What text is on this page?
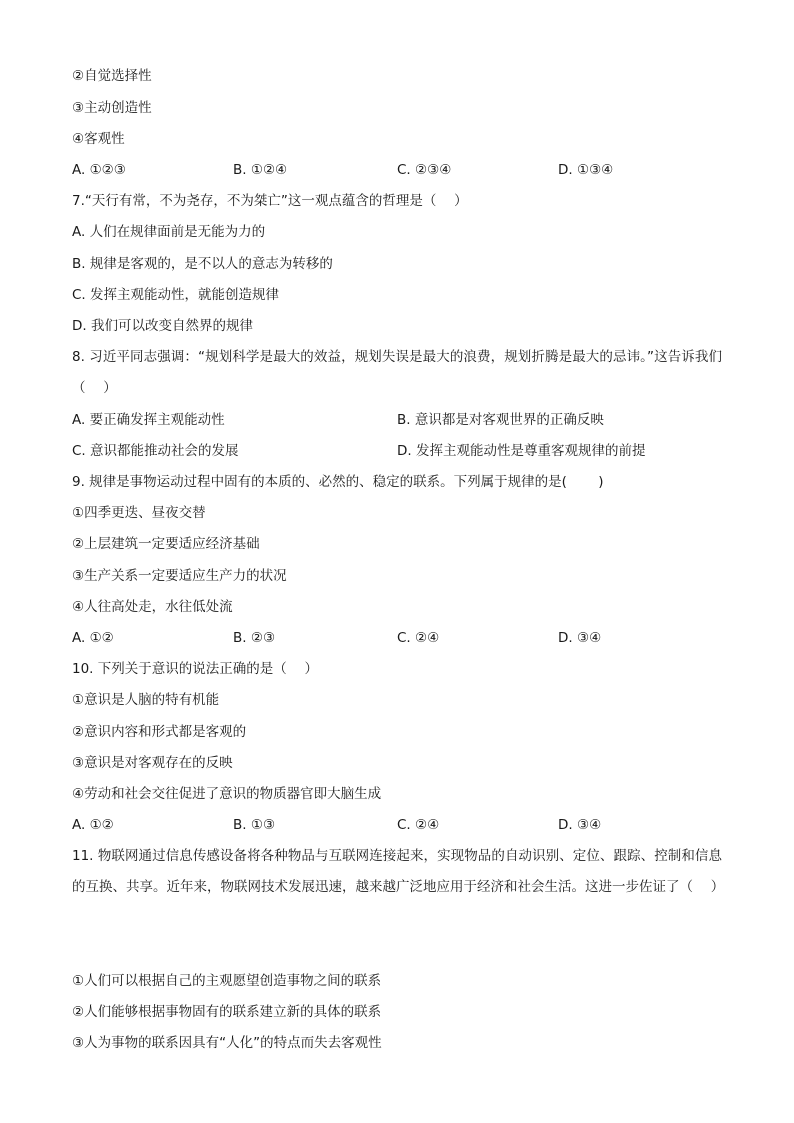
②自觉选择性
③主动创造性
④客观性
A. ①②③	B. ①②④	C. ②③④	D. ①③④
7.“天行有常，不为尧存，不为桀亡”这一观点蕴含的哲理是（　 ）
A. 人们在规律面前是无能为力的
B. 规律是客观的，是不以人的意志为转移的
C. 发挥主观能动性，就能创造规律
D. 我们可以改变自然界的规律
8. 习近平同志强调：“规划科学是最大的效益，规划失误是最大的浪费，规划折腾是最大的忌讳。”这告诉我们（　 ）
A. 要正确发挥主观能动性	B. 意识都是对客观世界的正确反映
C. 意识都能推动社会的发展	D. 发挥主观能动性是尊重客观规律的前提
9. 规律是事物运动过程中固有的本质的、必然的、稳定的联系。下列属于规律的是(　 　)
①四季更迭、昼夜交替
②上层建筑一定要适应经济基础
③生产关系一定要适应生产力的状况
④人往高处走，水往低处流
A. ①②	B. ②③	C. ②④	D. ③④
10. 下列关于意识的说法正确的是（　 ）
①意识是人脑的特有机能
②意识内容和形式都是客观的
③意识是对客观存在的反映
④劳动和社会交往促进了意识的物质器官即大脑生成
A. ①②	B. ①③	C. ②④	D. ③④
11. 物联网通过信息传感设备将各种物品与互联网连接起来，实现物品的自动识别、定位、跟踪、控制和信息的互换、共享。近年来，物联网技术发展迅速，越来越广泛地应用于经济和社会生活。这进一步佐证了（　 ）
①人们可以根据自己的主观愿望创造事物之间的联系
②人们能够根据事物固有的联系建立新的具体的联系
③人为事物的联系因具有“人化”的特点而失去客观性
